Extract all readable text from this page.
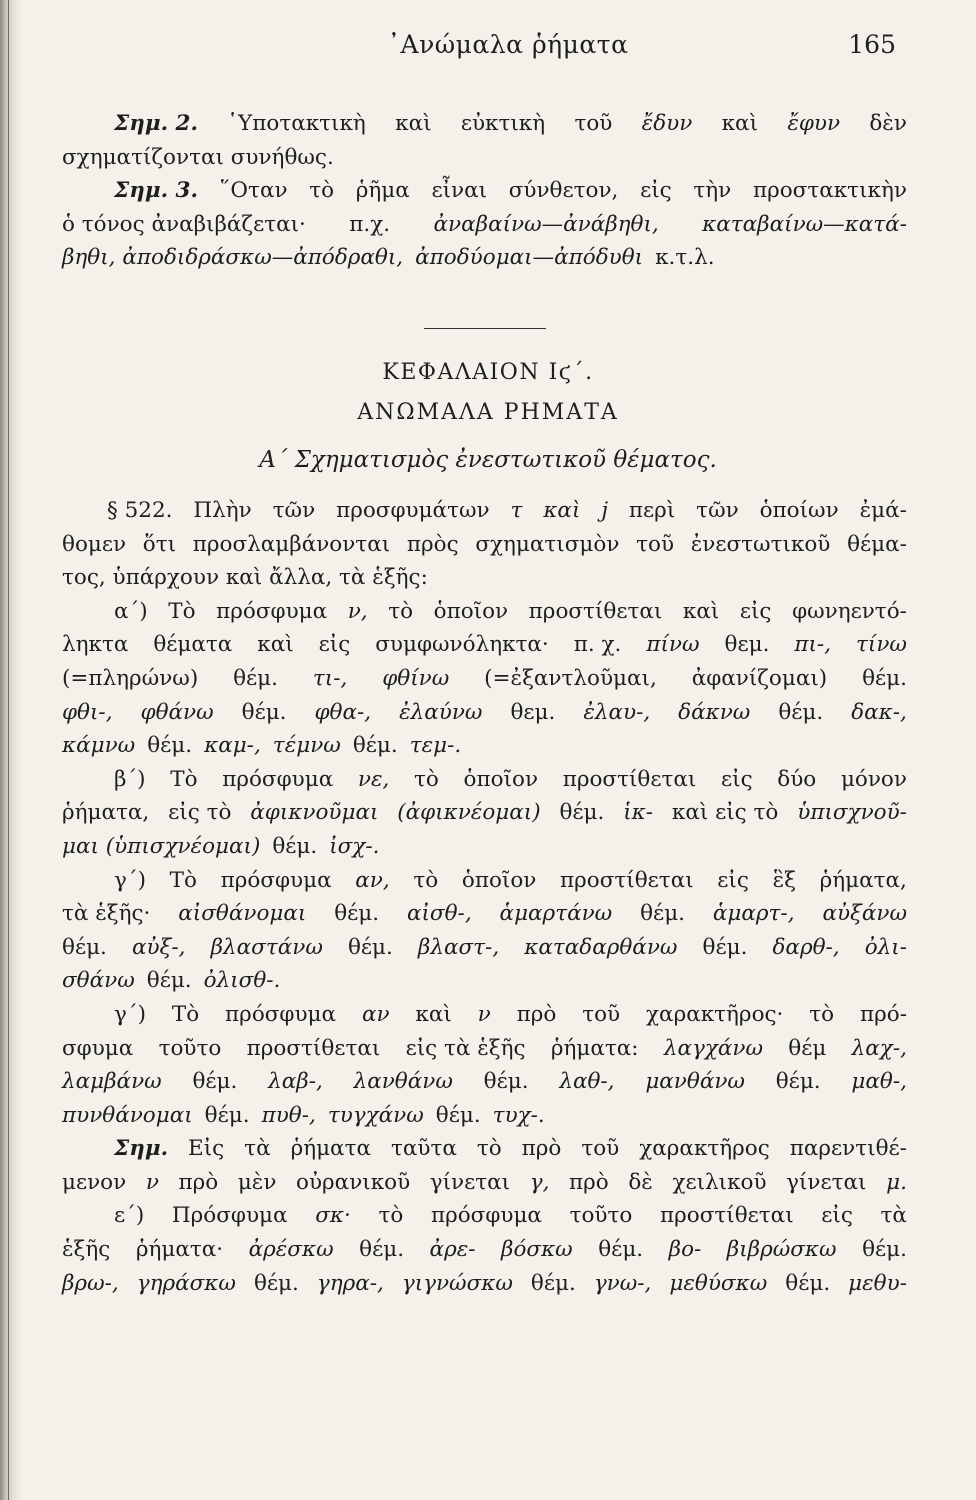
᾿Ανώμαλα ῥήματα	165
Σημ. 2. ῾Υποτακτικὴ καὶ εὐκτικὴ τοῦ ἔδυν καὶ ἔφυν δὲν
σχηματίζονται συνήθως.
Σημ. 3. ῞Οταν τὸ ῥῆμα εἶναι σύνθετον, εἰς τὴν προστακτικὴν
ὁ τόνος ἀναβιβάζεται· π.χ. ἀναβαίνω—ἀνάβηθι, καταβαίνω—κατά-
βηθι, ἀποδιδράσκω—ἀπόδραθι, ἀποδύομαι—ἀπόδυθι κ.τ.λ.
ΚΕΦΑΛΑΙΟΝ Ιϛ΄.
ΑΝΩΜΑΛΑ ΡΗΜΑΤΑ
Α΄ Σχηματισμὸς ἐνεστωτικοῦ θέματος.
§ 522. Πλὴν τῶν προσφυμάτων τ καὶ j περὶ τῶν ὁποίων ἐμά-
θομεν ὅτι προσλαμβάνονται πρὸς σχηματισμὸν τοῦ ἐνεστωτικοῦ θέμα-
τος, ὑπάρχουν καὶ ἄλλα, τὰ ἑξῆς:
α΄) Τὸ πρόσφυμα ν, τὸ ὁποῖον προστίθεται καὶ εἰς φωνηεντό-
ληκτα θέματα καὶ εἰς συμφωνόληκτα· π. χ. πίνω θεμ. πι-, τίνω
(=πληρώνω) θέμ. τι-, φθίνω (=ἐξαντλοῦμαι, ἀφανίζομαι) θέμ.
φθι-, φθάνω θέμ. φθα-, ἐλαύνω θεμ. ἐλαυ-, δάκνω θέμ. δακ-,
κάμνω θέμ. καμ-, τέμνω θέμ. τεμ-.
β΄) Τὸ πρόσφυμα νε, τὸ ὁποῖον προστίθεται εἰς δύο μόνον
ῥήματα, εἰς τὸ ἀφικνοῦμαι (ἀφικνέομαι) θέμ. ἱκ- καὶ εἰς τὸ ὑπισχνοῦ-
μαι (ὑπισχνέομαι) θέμ. ἰσχ-.
γ΄) Τὸ πρόσφυμα αν, τὸ ὁποῖον προστίθεται εἰς ἓξ ῥήματα,
τὰ ἑξῆς· αἰσθάνομαι θέμ. αἰσθ-, ἁμαρτάνω θέμ. ἁμαρτ-, αὐξάνω
θέμ. αὐξ-, βλαστάνω θέμ. βλαστ-, καταδαρθάνω θέμ. δαρθ-, ὀλι-
σθάνω θέμ. ὀλισθ-.
γ΄) Τὸ πρόσφυμα αν καὶ ν πρὸ τοῦ χαρακτῆρος· τὸ πρό-
σφυμα τοῦτο προστίθεται εἰς τὰ ἑξῆς ῥήματα: λαγχάνω θέμ λαχ-,
λαμβάνω θέμ. λαβ-, λανθάνω θέμ. λαθ-, μανθάνω θέμ. μαθ-,
πυνθάνομαι θέμ. πυθ-, τυγχάνω θέμ. τυχ-.
Σημ. Εἰς τὰ ῥήματα ταῦτα τὸ πρὸ τοῦ χαρακτῆρος παρεντιθέ-
μενον ν πρὸ μὲν οὐρανικοῦ γίνεται γ, πρὸ δὲ χειλικοῦ γίνεται μ.
ε΄) Πρόσφυμα σκ· τὸ πρόσφυμα τοῦτο προστίθεται εἰς τὰ
ἑξῆς ῥήματα· ἀρέσκω θέμ. ἀρε- βόσκω θέμ. βο- βιβρώσκω θέμ.
βρω-, γηράσκω θέμ. γηρα-, γιγνώσκω θέμ. γνω-, μεθύσκω θέμ. μεθυ-
